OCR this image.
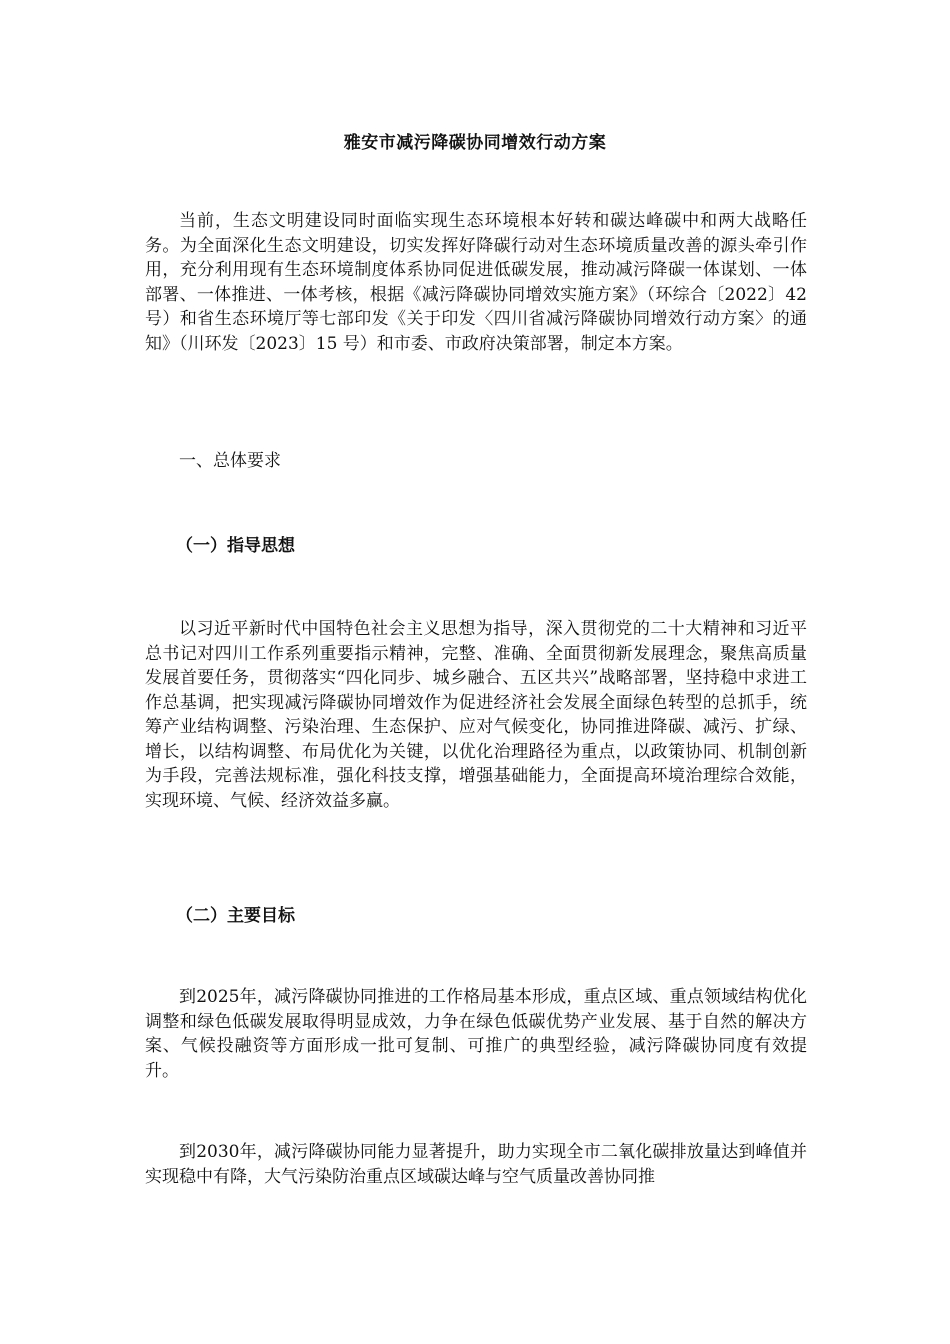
雅安市减污降碳协同增效行动方案

当前，生态文明建设同时面临实现生态环境根本好转和碳达峰碳中和两大战略任务。为全面深化生态文明建设，切实发挥好降碳行动对生态环境质量改善的源头牵引作用，充分利用现有生态环境制度体系协同促进低碳发展，推动减污降碳一体谋划、一体部署、一体推进、一体考核，根据《减污降碳协同增效实施方案》（环综合〔2022〕42号）和省生态环境厅等七部印发《关于印发〈四川省减污降碳协同增效行动方案〉的通知》（川环发〔2023〕15 号）和市委、市政府决策部署，制定本方案。

一、总体要求

（一）指导思想

以习近平新时代中国特色社会主义思想为指导，深入贯彻党的二十大精神和习近平总书记对四川工作系列重要指示精神，完整、准确、全面贯彻新发展理念，聚焦高质量发展首要任务，贯彻落实“四化同步、城乡融合、五区共兴”战略部署，坚持稳中求进工作总基调，把实现减污降碳协同增效作为促进经济社会发展全面绿色转型的总抓手，统筹产业结构调整、污染治理、生态保护、应对气候变化，协同推进降碳、减污、扩绿、增长，以结构调整、布局优化为关键，以优化治理路径为重点，以政策协同、机制创新为手段，完善法规标准，强化科技支撑，增强基础能力，全面提高环境治理综合效能，实现环境、气候、经济效益多赢。

（二）主要目标

到2025年，减污降碳协同推进的工作格局基本形成，重点区域、重点领域结构优化调整和绿色低碳发展取得明显成效，力争在绿色低碳优势产业发展、基于自然的解决方案、气候投融资等方面形成一批可复制、可推广的典型经验，减污降碳协同度有效提升。

到2030年，减污降碳协同能力显著提升，助力实现全市二氧化碳排放量达到峰值并实现稳中有降，大气污染防治重点区域碳达峰与空气质量改善协同推
